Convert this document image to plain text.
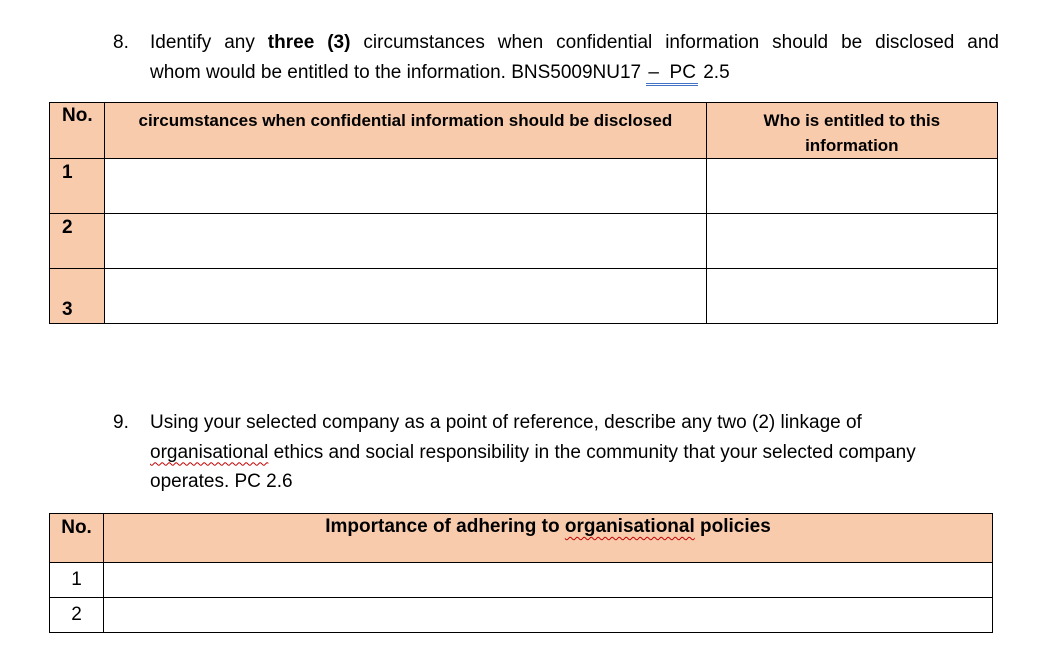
8. Identify any three (3) circumstances when confidential information should be disclosed and
whom would be entitled to the information. BNS5009NU17 – PC 2.5
No.	circumstances when confidential information should be disclosed	Who is entitled to this information

1		

2		

3		

9. Using your selected company as a point of reference, describe any two (2) linkage of
organisational ethics and social responsibility in the community that your selected company
operates. PC 2.6
No.	Importance of adhering to organisational policies

1	
2	
